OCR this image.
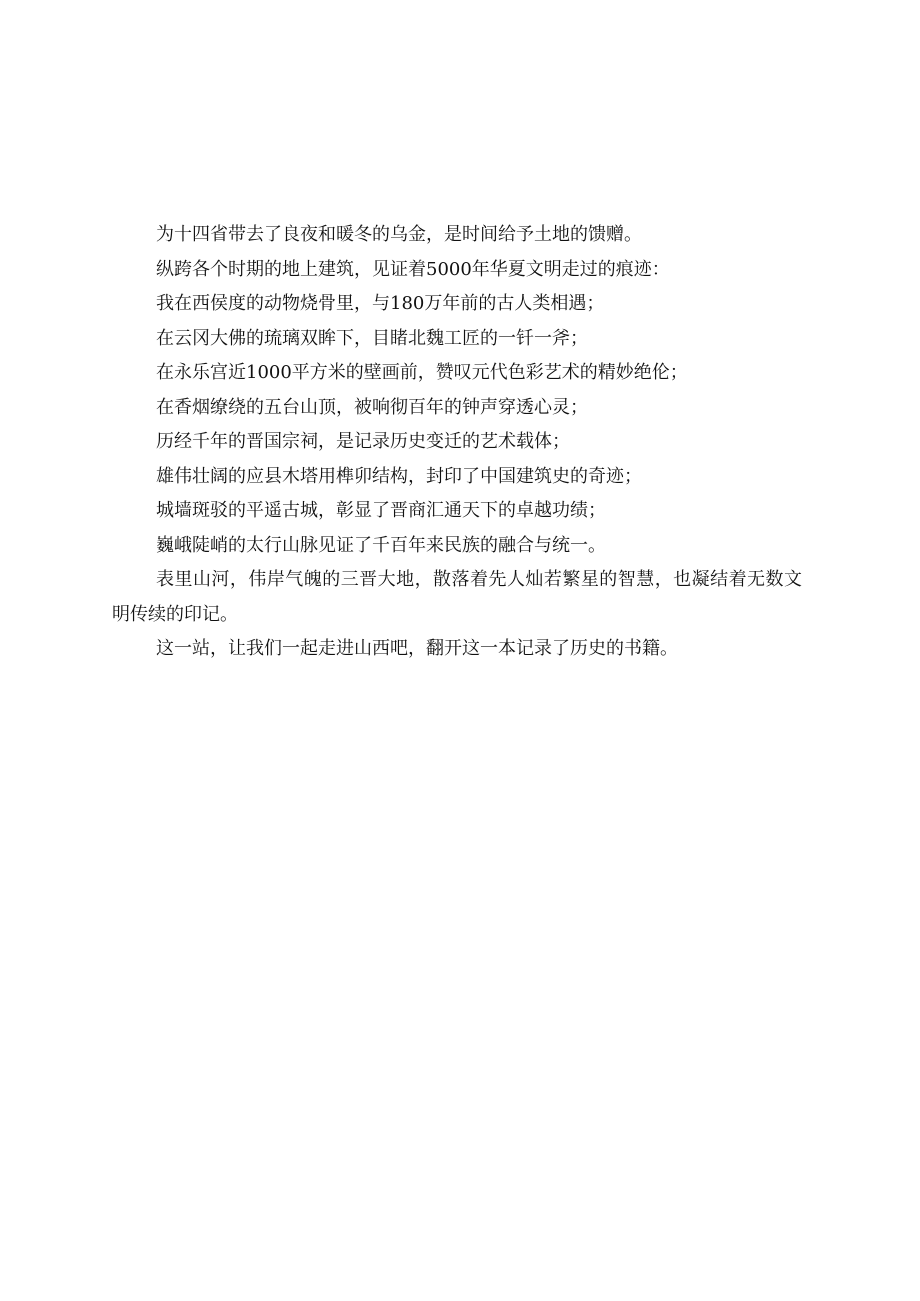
为十四省带去了良夜和暖冬的乌金，是时间给予土地的馈赠。

纵跨各个时期的地上建筑，见证着5000年华夏文明走过的痕迹：

我在西侯度的动物烧骨里，与180万年前的古人类相遇；

在云冈大佛的琉璃双眸下，目睹北魏工匠的一钎一斧；

在永乐宫近1000平方米的壁画前，赞叹元代色彩艺术的精妙绝伦；

在香烟缭绕的五台山顶，被响彻百年的钟声穿透心灵；

历经千年的晋国宗祠，是记录历史变迁的艺术载体；

雄伟壮阔的应县木塔用榫卯结构，封印了中国建筑史的奇迹；

城墙斑驳的平遥古城，彰显了晋商汇通天下的卓越功绩；

巍峨陡峭的太行山脉见证了千百年来民族的融合与统一。

表里山河，伟岸气魄的三晋大地，散落着先人灿若繁星的智慧，也凝结着无数文明传续的印记。

这一站，让我们一起走进山西吧，翻开这一本记录了历史的书籍。
